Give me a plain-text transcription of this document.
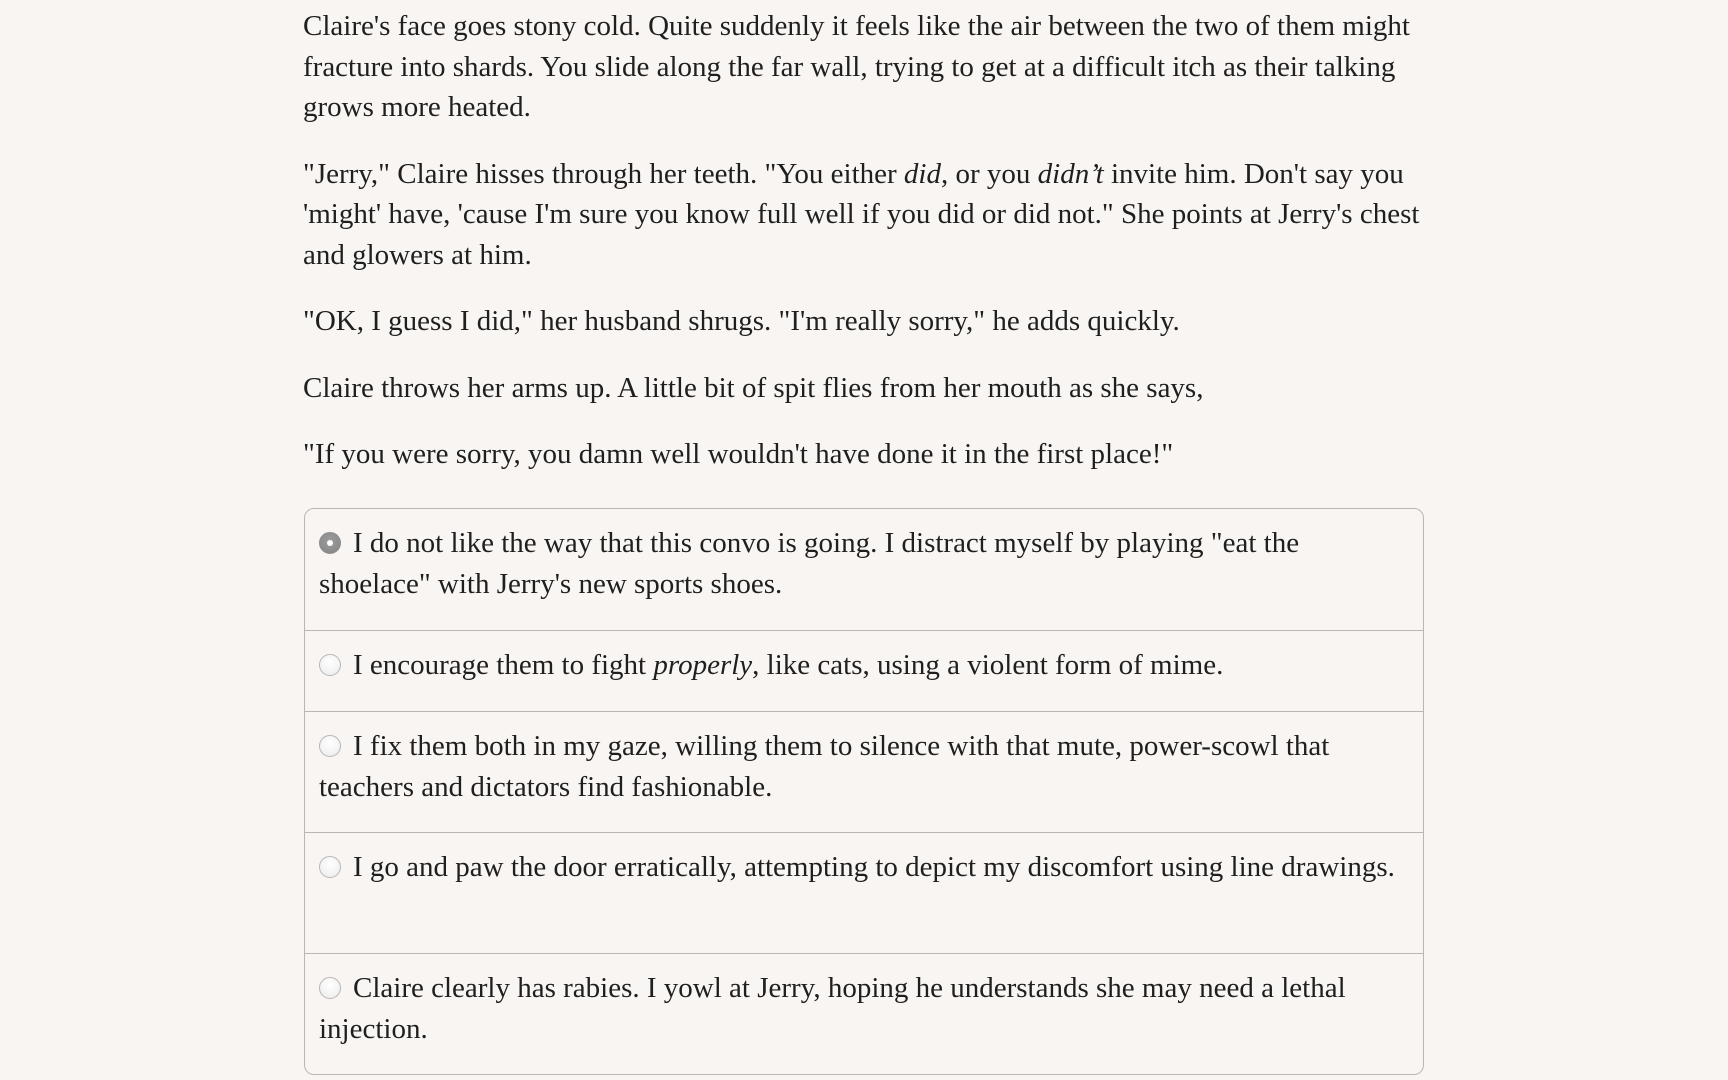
Claire's face goes stony cold. Quite suddenly it feels like the air between the two of them might fracture into shards. You slide along the far wall, trying to get at a difficult itch as their talking grows more heated.

"Jerry," Claire hisses through her teeth. "You either did, or you didn’t invite him. Don't say you 'might' have, 'cause I'm sure you know full well if you did or did not." She points at Jerry's chest and glowers at him.

"OK, I guess I did," her husband shrugs. "I'm really sorry," he adds quickly.

Claire throws her arms up. A little bit of spit flies from her mouth as she says,

"If you were sorry, you damn well wouldn't have done it in the first place!"

I do not like the way that this convo is going. I distract myself by playing "eat the shoelace" with Jerry's new sports shoes.
I encourage them to fight properly, like cats, using a violent form of mime.
I fix them both in my gaze, willing them to silence with that mute, power-scowl that teachers and dictators find fashionable.
I go and paw the door erratically, attempting to depict my discomfort using line drawings.
Claire clearly has rabies. I yowl at Jerry, hoping he understands she may need a lethal injection.
